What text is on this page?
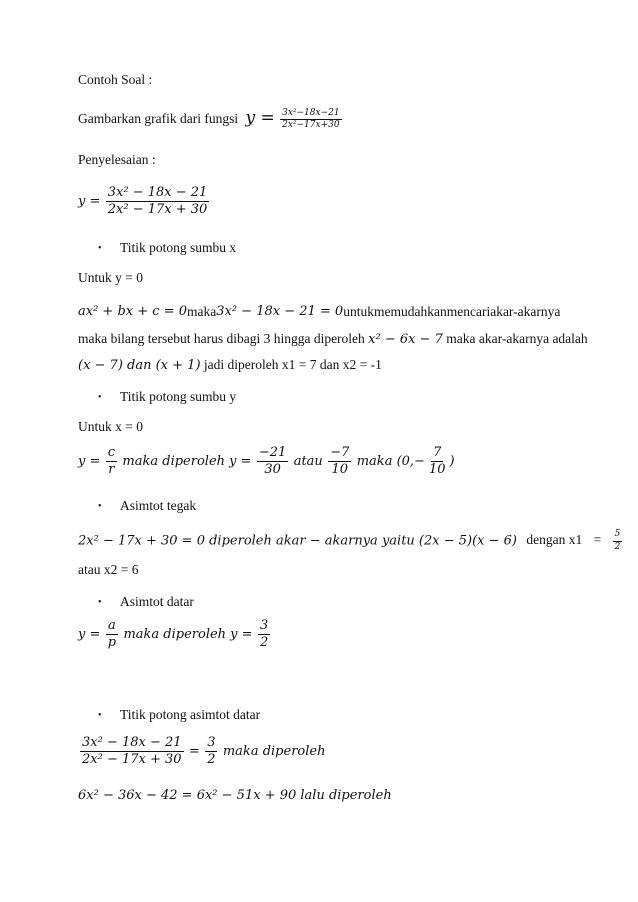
Contoh Soal :
Gambarkan grafik dari fungsi $y = \frac{\text{3x²−18x−21}}{\text{2x²−17x+30}}$
Penyelesaian :
$y = \frac{\text{3x² − 18x − 21}}{\text{2x² − 17x + 30}}$
• Titik potong sumbu x
Untuk y = 0
ax² + bx + c = 0 maka 3x² − 18x − 21 = 0 untuk memudahkan mencari akar-akarnya
maka bilang tersebut harus dibagi 3 hingga diperoleh x² − 6x − 7 maka akar-akarnya adalah
(x − 7) dan (x + 1) jadi diperoleh x1 = 7 dan x2 = -1
• Titik potong sumbu y
Untuk x = 0
$y = \frac{c}{r}$ maka diperoleh $y = \frac{-21}{30}$ atau $\frac{-7}{10}$ maka ($0,- \frac{7}{10}$ )
• Asimtot tegak
2x² − 17x + 30 = 0 diperoleh akar − akarnya yaitu (2x − 5)(x − 6) dengan $x1 = \frac{5}{2}$
atau x2 = 6
• Asimtot datar
$y = \frac{a}{p}$ maka diperoleh $y = \frac{3}{2}$
• Titik potong asimtot datar
$\frac{\text{3x² − 18x − 21}}{\text{2x² − 17x + 30}} = \frac{3}{2}$ maka diperoleh
6x² − 36x − 42 = 6x² − 51x + 90 lalu diperoleh
